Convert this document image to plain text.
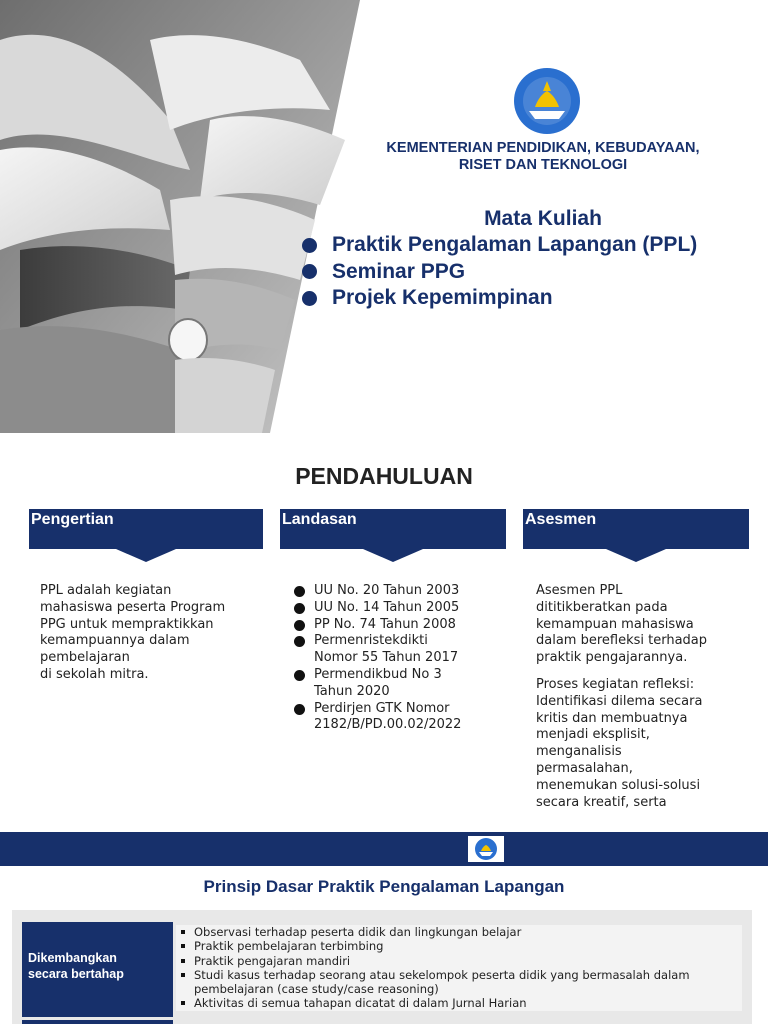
KEMENTERIAN PENDIDIKAN, KEBUDAYAAN,
RISET DAN TEKNOLOGI
Mata Kuliah
Praktik Pengalaman Lapangan (PPL)
Seminar PPG
Projek Kepemimpinan
PENDAHULUAN
Pengertian	Landasan	Asesmen
PPL adalah kegiatan
mahasiswa peserta Program
PPG untuk mempraktikkan
kemampuannya dalam
pembelajaran
di sekolah mitra.
UU No. 20 Tahun 2003
UU No. 14 Tahun 2005
PP No. 74 Tahun 2008
Permenristekdikti
Nomor 55 Tahun 2017
Permendikbud No 3
Tahun 2020
Perdirjen GTK Nomor
2182/B/PD.00.02/2022

Asesmen PPL
dititikberatkan pada
kemampuan mahasiswa
dalam berefleksi terhadap
praktik pengajarannya.

Proses kegiatan refleksi:
Identifikasi dilema secara
kritis dan membuatnya
menjadi eksplisit,
menganalisis
permasalahan,
menemukan solusi-solusi
secara kreatif, serta

Prinsip Dasar Praktik Pengalaman Lapangan
Dikembangkan
secara bertahap
Observasi terhadap peserta didik dan lingkungan belajar
Praktik pembelajaran terbimbing
Praktik pengajaran mandiri
Studi kasus terhadap seorang atau sekelompok peserta didik yang bermasalah dalam
pembelajaran (case study/case reasoning)
Aktivitas di semua tahapan dicatat di dalam Jurnal Harian
